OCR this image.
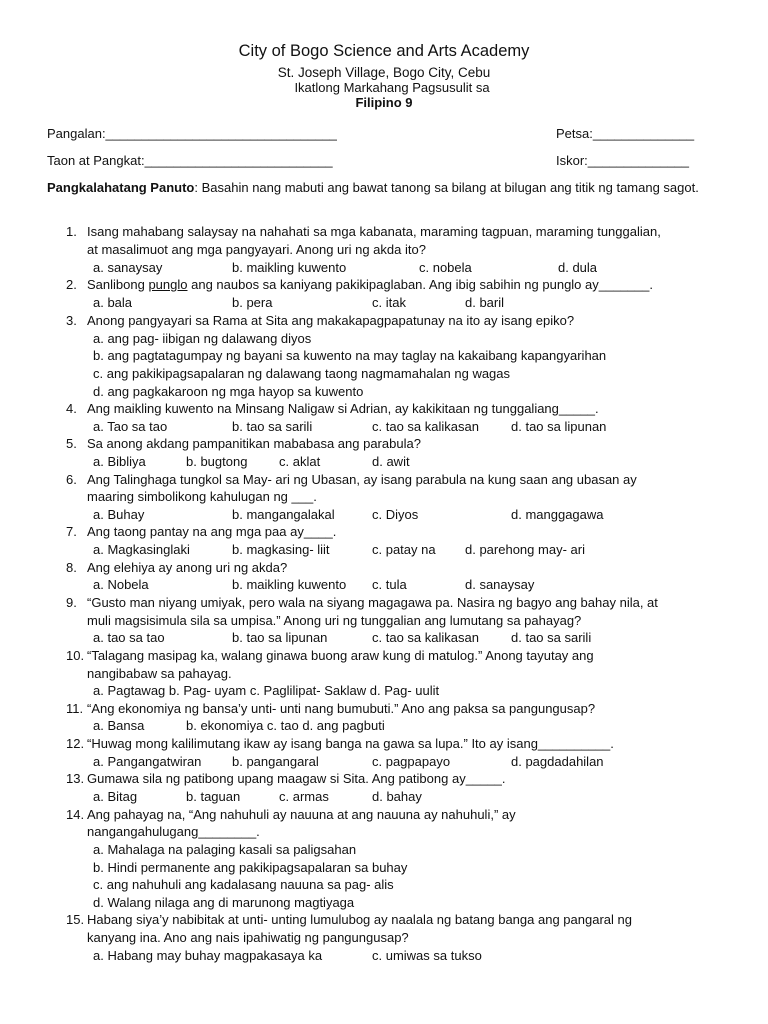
City of Bogo Science and Arts Academy
St. Joseph Village, Bogo City, Cebu
Ikatlong Markahang Pagsusulit sa
Filipino 9
Pangalan:________________________________	Petsa:______________
Taon at Pangkat:__________________________	Iskor:______________
Pangkalahatang Panuto: Basahin nang mabuti ang bawat tanong sa bilang at bilugan ang titik ng tamang sagot.
1. Isang mahabang salaysay na nahahati sa mga kabanata, maraming tagpuan, maraming tunggalian,
at masalimuot ang mga pangyayari. Anong uri ng akda ito?
a. sanaysay	b. maikling kuwento	c. nobela	d. dula
2. Sanlibong punglo ang naubos sa kaniyang pakikipaglaban. Ang ibig sabihin ng punglo ay_______.
a. bala	b. pera	c. itak	d. baril
3. Anong pangyayari sa Rama at Sita ang makakapagpapatunay na ito ay isang epiko?
a. ang pag- iibigan ng dalawang diyos
b. ang pagtatagumpay ng bayani sa kuwento na may taglay na kakaibang kapangyarihan
c. ang pakikipagsapalaran ng dalawang taong nagmamahalan ng wagas
d. ang pagkakaroon ng mga hayop sa kuwento
4. Ang maikling kuwento na Minsang Naligaw si Adrian, ay kakikitaan ng tunggaliang_____.
a. Tao sa tao	b. tao sa sarili	c. tao sa kalikasan d. tao sa lipunan
5. Sa anong akdang pampanitikan mababasa ang parabula?
a. Bibliya	b. bugtong c. aklat	d. awit
6. Ang Talinghaga tungkol sa May- ari ng Ubasan, ay isang parabula na kung saan ang ubasan ay
maaring simbolikong kahulugan ng ___.
a. Buhay	b. mangangalakal	c. Diyos	d. manggagawa
7. Ang taong pantay na ang mga paa ay____.
a. Magkasinglaki	b. magkasing- liit	c. patay na d. parehong may- ari
8. Ang elehiya ay anong uri ng akda?
a. Nobela	b. maikling kuwento c. tula	d. sanaysay
9. “Gusto man niyang umiyak, pero wala na siyang magagawa pa. Nasira ng bagyo ang bahay nila, at
muli magsisimula sila sa umpisa.” Anong uri ng tunggalian ang lumutang sa pahayag?
a. tao sa tao	b. tao sa lipunan	c. tao sa kalikasan d. tao sa sarili
10. “Talagang masipag ka, walang ginawa buong araw kung di matulog.” Anong tayutay ang
nangibabaw sa pahayag.
a. Pagtawag b. Pag- uyam c. Paglilipat- Saklaw d. Pag- uulit
11. “Ang ekonomiya ng bansa’y unti- unti nang bumubuti.” Ano ang paksa sa pangungusap?
a. Bansa	b. ekonomiya c. tao d. ang pagbuti
12. “Huwag mong kalilimutang ikaw ay isang banga na gawa sa lupa.” Ito ay isang__________.
a. Pangangatwiran b. pangangaral	c. pagpapayo	d. pagdadahilan
13. Gumawa sila ng patibong upang maagaw si Sita. Ang patibong ay_____.
a. Bitag	b. taguan	c. armas	d. bahay
14. Ang pahayag na, “Ang nahuhuli ay nauuna at ang nauuna ay nahuhuli,” ay
nangangahulugang________.
a. Mahalaga na palaging kasali sa paligsahan
b. Hindi permanente ang pakikipagsapalaran sa buhay
c. ang nahuhuli ang kadalasang nauuna sa pag- alis
d. Walang nilaga ang di marunong magtiyaga
15. Habang siya’y nabibitak at unti- unting lumulubog ay naalala ng batang banga ang pangaral ng
kanyang ina. Ano ang nais ipahiwatig ng pangungusap?
a. Habang may buhay magpakasaya ka	c. umiwas sa tukso
